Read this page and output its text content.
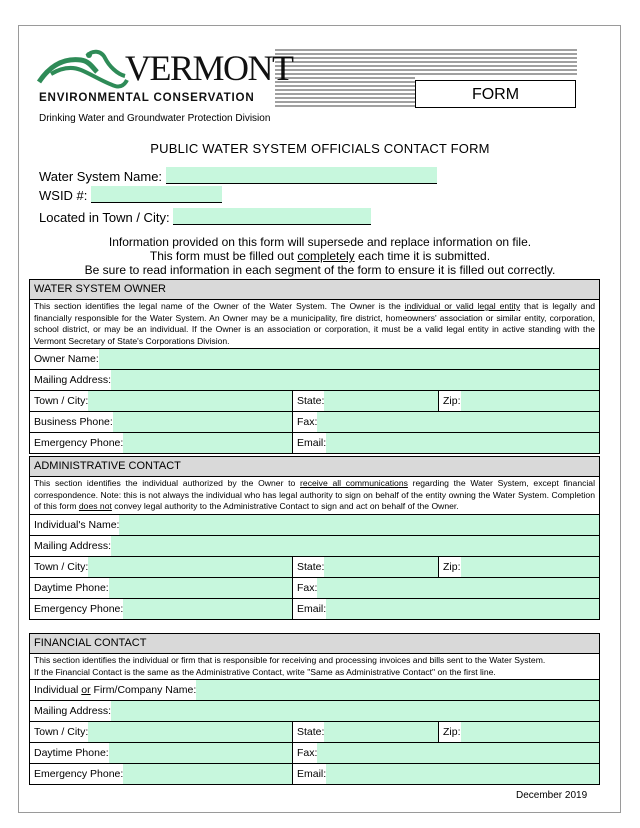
VERMONT
ENVIRONMENTAL CONSERVATION
Drinking Water and Groundwater Protection Division
FORM
PUBLIC WATER SYSTEM OFFICIALS CONTACT FORM
Water System Name:
WSID #:
Located in Town / City:
Information provided on this form will supersede and replace information on file.
This form must be filled out completely each time it is submitted.
Be sure to read information in each segment of the form to ensure it is filled out correctly.
WATER SYSTEM OWNER
This section identifies the legal name of the Owner of the Water System. The Owner is the individual or valid legal entity that is legally and financially responsible for the Water System. An Owner may be a municipality, fire district, homeowners' association or similar entity, corporation, school district, or may be an individual. If the Owner is an association or corporation, it must be a valid legal entity in active standing with the Vermont Secretary of State's Corporations Division.
Owner Name:
Mailing Address:
Town / City:	State:	Zip:
Business Phone:	Fax:
Emergency Phone:	Email:
ADMINISTRATIVE CONTACT
This section identifies the individual authorized by the Owner to receive all communications regarding the Water System, except financial correspondence. Note: this is not always the individual who has legal authority to sign on behalf of the entity owning the Water System. Completion of this form does not convey legal authority to the Administrative Contact to sign and act on behalf of the Owner.
Individual's Name:
Mailing Address:
Town / City:	State:	Zip:
Daytime Phone:	Fax:
Emergency Phone:	Email:
FINANCIAL CONTACT
This section identifies the individual or firm that is responsible for receiving and processing invoices and bills sent to the Water System.
If the Financial Contact is the same as the Administrative Contact, write "Same as Administrative Contact" on the first line.
Individual or Firm/Company Name:
Mailing Address:
Town / City:	State:	Zip:
Daytime Phone:	Fax:
Emergency Phone:	Email:
December 2019
